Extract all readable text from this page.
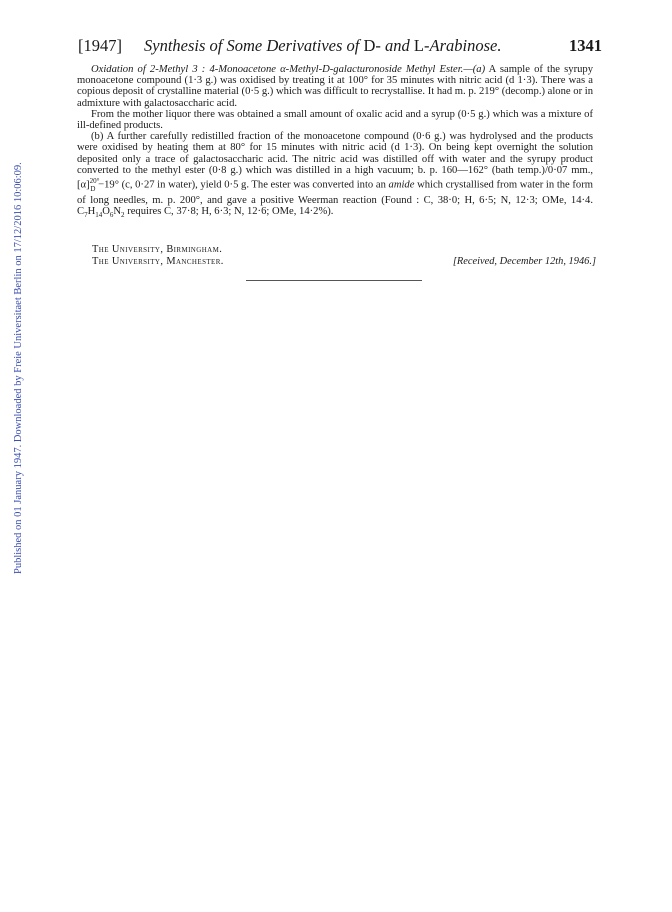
Published on 01 January 1947. Downloaded by Freie Universitaet Berlin on 17/12/2016 10:06:09.
[1947] Synthesis of Some Derivatives of D- and L-Arabinose.	1341

Oxidation of 2-Methyl 3 : 4-Monoacetone α-Methyl-D-galacturonoside Methyl Ester.—(a) A sample of the syrupy monoacetone compound (1·3 g.) was oxidised by treating it at 100° for 35 minutes with nitric acid (d 1·3). There was a copious deposit of crystalline material (0·5 g.) which was difficult to recrystallise. It had m. p. 219° (decomp.) alone or in admixture with galactosaccharic acid.

From the mother liquor there was obtained a small amount of oxalic acid and a syrup (0·5 g.) which was a mixture of ill-defined products.

(b) A further carefully redistilled fraction of the monoacetone compound (0·6 g.) was hydrolysed and the products were oxidised by heating them at 80° for 15 minutes with nitric acid (d 1·3). On being kept overnight the solution deposited only a trace of galactosaccharic acid. The nitric acid was distilled off with water and the syrupy product converted to the methyl ester (0·8 g.) which was distilled in a high vacuum; b. p. 160—162° (bath temp.)/0·07 mm., $[\alpha]^{20^\circ}_D -19^\circ$ (c, 0·27 in water), yield 0·5 g. The ester was converted into an amide which crystallised from water in the form of long needles, m. p. 200°, and gave a positive Weerman reaction (Found : C, 38·0; H, 6·5; N, 12·3; OMe, 14·4. $C_7H_{14}O_6N_2$ requires C, 37·8; H, 6·3; N, 12·6; OMe, 14·2%).

The University, Birmingham.
The University, Manchester.	[Received, December 12th, 1946.]
